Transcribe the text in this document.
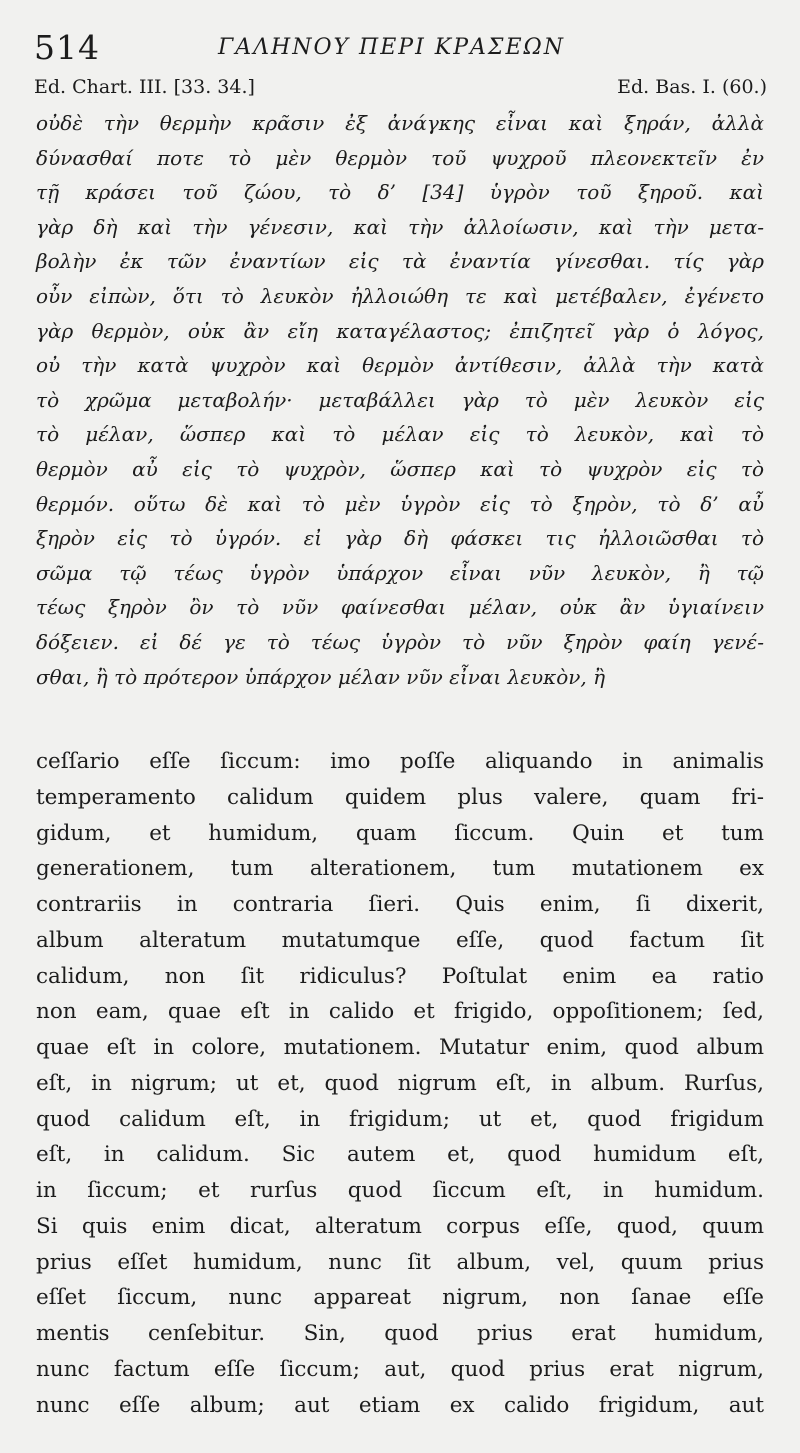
514	ΓΑΛΗΝΟΥ ΠΕΡΙ ΚΡΑΣΕΩΝ
Ed. Chart. III. [33. 34.]	Ed. Bas. I. (60.)
οὐδὲ τὴν θερμὴν κρᾶσιν ἐξ ἀνάγκης εἶναι καὶ ξηράν, ἀλλὰ
δύνασθαί ποτε τὸ μὲν θερμὸν τοῦ ψυχροῦ πλεονεκτεῖν ἐν
τῇ κράσει τοῦ ζώου, τὸ δ’ [34] ὑγρὸν τοῦ ξηροῦ. καὶ
γὰρ δὴ καὶ τὴν γένεσιν, καὶ τὴν ἀλλοίωσιν, καὶ τὴν μετα-
βολὴν ἐκ τῶν ἐναντίων εἰς τὰ ἐναντία γίνεσθαι. τίς γὰρ
οὖν εἰπὼν, ὅτι τὸ λευκὸν ἠλλοιώθη τε καὶ μετέβαλεν, ἐγένετο
γὰρ θερμὸν, οὐκ ἂν εἴη καταγέλαστος; ἐπιζητεῖ γὰρ ὁ λόγος,
οὐ τὴν κατὰ ψυχρὸν καὶ θερμὸν ἀντίθεσιν, ἀλλὰ τὴν κατὰ
τὸ χρῶμα μεταβολήν· μεταβάλλει γὰρ τὸ μὲν λευκὸν εἰς
τὸ μέλαν, ὥσπερ καὶ τὸ μέλαν εἰς τὸ λευκὸν, καὶ τὸ
θερμὸν αὖ εἰς τὸ ψυχρὸν, ὥσπερ καὶ τὸ ψυχρὸν εἰς τὸ
θερμόν. οὕτω δὲ καὶ τὸ μὲν ὑγρὸν εἰς τὸ ξηρὸν, τὸ δ’ αὖ
ξηρὸν εἰς τὸ ὑγρόν. εἰ γὰρ δὴ φάσκει τις ἠλλοιῶσθαι τὸ
σῶμα τῷ τέως ὑγρὸν ὑπάρχον εἶναι νῦν λευκὸν, ἢ τῷ
τέως ξηρὸν ὂν τὸ νῦν φαίνεσθαι μέλαν, οὐκ ἂν ὑγιαίνειν
δόξειεν. εἰ δέ γε τὸ τέως ὑγρὸν τὸ νῦν ξηρὸν φαίη γενέ-
σθαι, ἢ τὸ πρότερον ὑπάρχον μέλαν νῦν εἶναι λευκὸν, ἢ
ceſſario eſſe ſiccum: imo poſſe aliquando in animalis
temperamento calidum quidem plus valere, quam fri-
gidum, et humidum, quam ſiccum. Quin et tum
generationem, tum alterationem, tum mutationem ex
contrariis in contraria ſieri. Quis enim, ſi dixerit,
album alteratum mutatumque eſſe, quod factum ſit
calidum, non ſit ridiculus? Poſtulat enim ea ratio
non eam, quae eſt in calido et frigido, oppoſitionem; ſed,
quae eſt in colore, mutationem. Mutatur enim, quod album
eſt, in nigrum; ut et, quod nigrum eſt, in album. Rurſus,
quod calidum eſt, in frigidum; ut et, quod frigidum
eſt, in calidum. Sic autem et, quod humidum eſt,
in ſiccum; et rurſus quod ſiccum eſt, in humidum.
Si quis enim dicat, alteratum corpus eſſe, quod, quum
prius eſſet humidum, nunc ſit album, vel, quum prius
eſſet ſiccum, nunc appareat nigrum, non ſanae eſſe
mentis cenſebitur. Sin, quod prius erat humidum,
nunc factum eſſe ſiccum; aut, quod prius erat nigrum,
nunc eſſe album; aut etiam ex calido frigidum, aut
